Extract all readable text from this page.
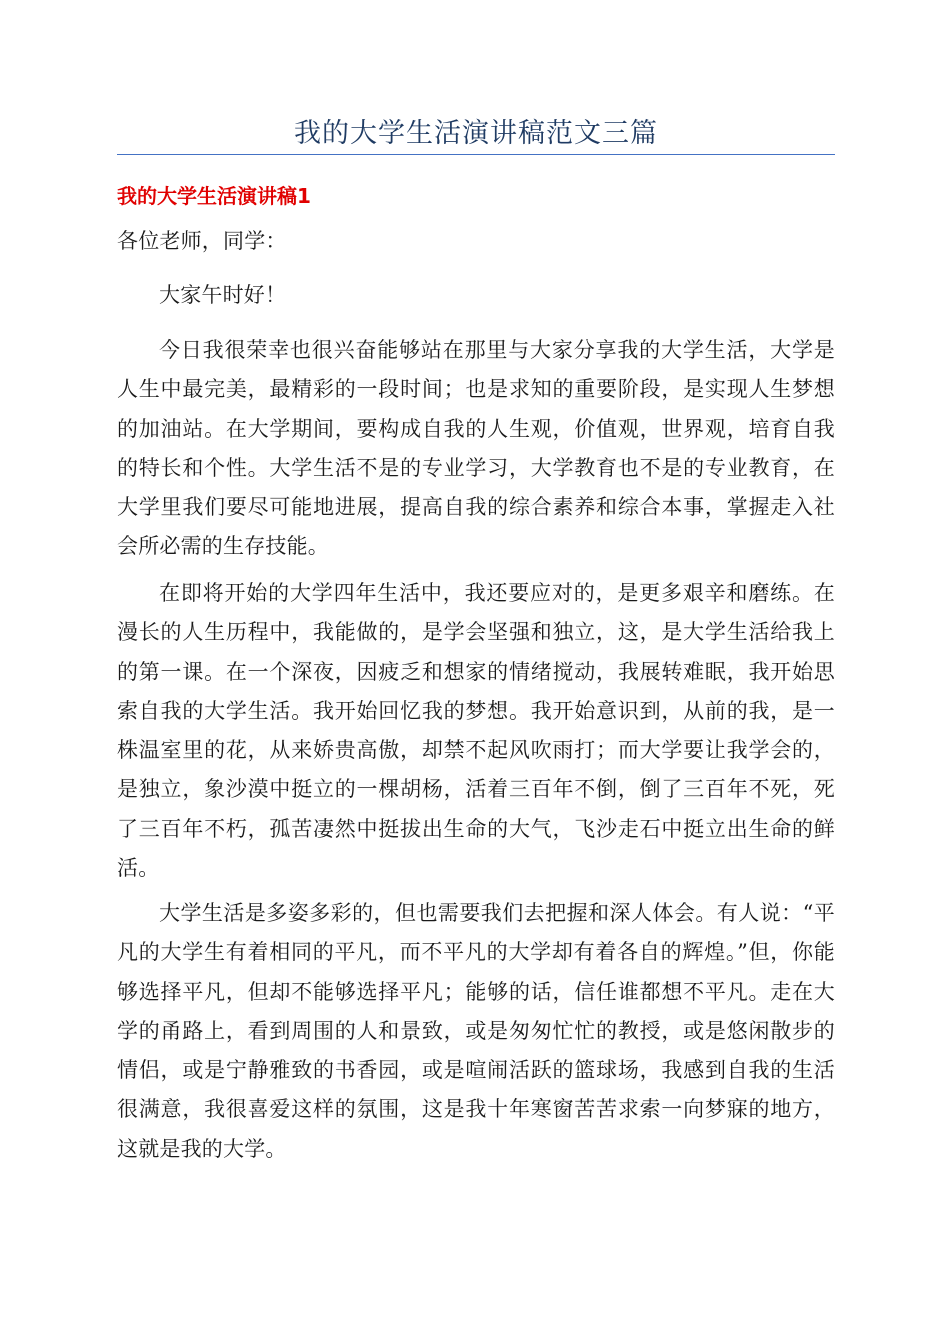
我的大学生活演讲稿范文三篇
我的大学生活演讲稿1

各位老师，同学：

大家午时好！

今日我很荣幸也很兴奋能够站在那里与大家分享我的大学生活，大学是人生中最完美，最精彩的一段时间；也是求知的重要阶段，是实现人生梦想的加油站。在大学期间，要构成自我的人生观，价值观，世界观，培育自我的特长和个性。大学生活不是的专业学习，大学教育也不是的专业教育，在大学里我们要尽可能地进展，提高自我的综合素养和综合本事，掌握走入社会所必需的生存技能。

在即将开始的大学四年生活中，我还要应对的，是更多艰辛和磨练。在漫长的人生历程中，我能做的，是学会坚强和独立，这，是大学生活给我上的第一课。在一个深夜，因疲乏和想家的情绪搅动，我展转难眠，我开始思索自我的大学生活。我开始回忆我的梦想。我开始意识到，从前的我，是一株温室里的花，从来娇贵高傲，却禁不起风吹雨打；而大学要让我学会的，是独立，象沙漠中挺立的一棵胡杨，活着三百年不倒，倒了三百年不死，死了三百年不朽，孤苦凄然中挺拔出生命的大气，飞沙走石中挺立出生命的鲜活。

大学生活是多姿多彩的，但也需要我们去把握和深人体会。有人说：“平凡的大学生有着相同的平凡，而不平凡的大学却有着各自的辉煌。”但，你能够选择平凡，但却不能够选择平凡；能够的话，信任谁都想不平凡。走在大学的甬路上，看到周围的人和景致，或是匆匆忙忙的教授，或是悠闲散步的情侣，或是宁静雅致的书香园，或是喧闹活跃的篮球场，我感到自我的生活很满意，我很喜爱这样的氛围，这是我十年寒窗苦苦求索一向梦寐的地方，这就是我的大学。
